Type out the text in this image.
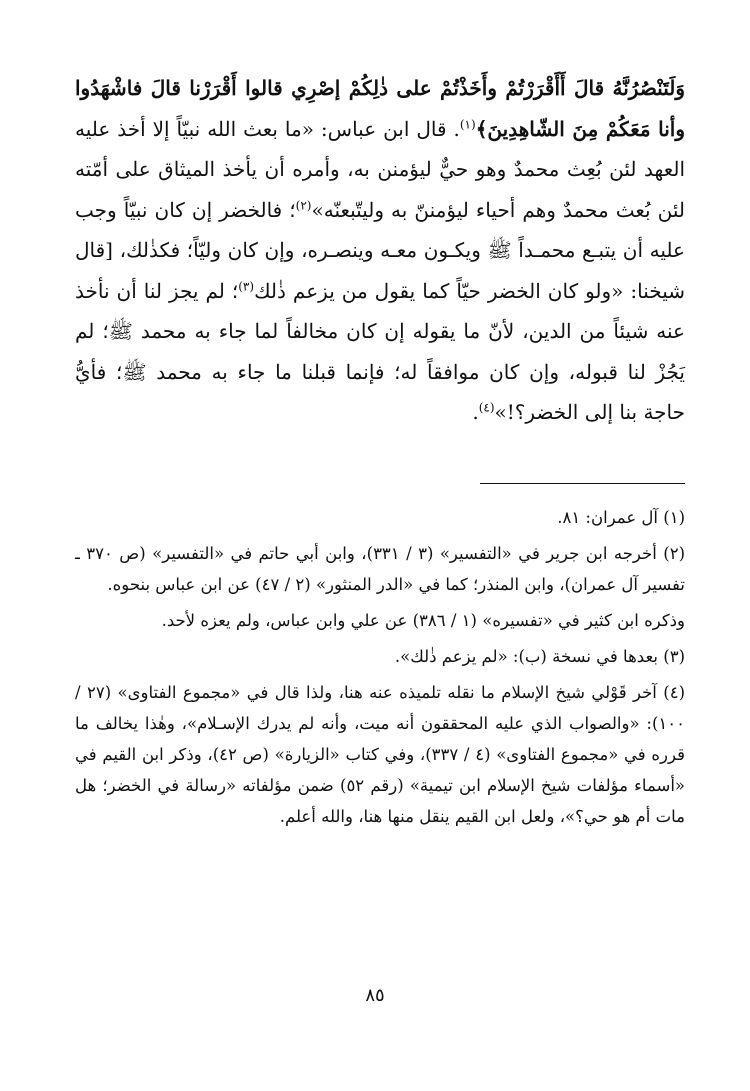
وَلَتَنْصُرُنَّهُ قالَ أَأَقْرَرْتُمْ وأَخَذْتُمْ على ذٰلِكُمْ إصْرِي قالوا أَقْرَرْنا قالَ فاشْهَدُوا وأنا مَعَكُمْ مِنَ الشّاهِدِينَ﴾$^{(١)}$. قال ابن عباس: «ما بعث الله نبيّاً إلا أخذ عليه العهد لئن بُعِث محمدٌ وهو حيٌّ ليؤمنن به، وأمره أن يأخذ الميثاق على أمّته لئن بُعث محمدٌ وهم أحياء ليؤمننّ به وليتّبعنّه»$^{(٢)}$؛ فالخضر إن كان نبيّاً وجب عليه أن يتبـع محمـداً ﷺ ويكـون معـه وينصـره، وإن كان وليّاً؛ فكذٰلك، [قال شيخنا: «ولو كان الخضر حيّاً كما يقول من يزعم ذٰلك$^{(٣)}$؛ لم يجز لنا أن نأخذ عنه شيئاً من الدين، لأنّ ما يقوله إن كان مخالفاً لما جاء به محمد ﷺ؛ لم يَجُزْ لنا قبوله، وإن كان موافقاً له؛ فإنما قبلنا ما جاء به محمد ﷺ؛ فأيُّ حاجة بنا إلى الخضر؟!»$^{(٤)}$.

(١) آل عمران: ٨١.

(٢) أخرجه ابن جرير في «التفسير» (٣ / ٣٣١)، وابن أبي حاتم في «التفسير» (ص ٣٧٠ ـ تفسير آل عمران)، وابن المنذر؛ كما في «الدر المنثور» (٢ / ٤٧) عن ابن عباس بنحوه.

وذكره ابن كثير في «تفسيره» (١ / ٣٨٦) عن علي وابن عباس، ولم يعزه لأحد.

(٣) بعدها في نسخة (ب): «لم يزعم ذٰلك».

(٤) آخر قَوْلي شيخ الإسلام ما نقله تلميذه عنه هنا، ولذا قال في «مجموع الفتاوى» (٢٧ / ١٠٠): «والصواب الذي عليه المحققون أنه ميت، وأنه لم يدرك الإسـلام»، وهٰذا يخالف ما قرره في «مجموع الفتاوى» (٤ / ٣٣٧)، وفي كتاب «الزيارة» (ص ٤٢)، وذكر ابن القيم في «أسماء مؤلفات شيخ الإسلام ابن تيمية» (رقم ٥٢) ضمن مؤلفاته «رسالة في الخضر؛ هل مات أم هو حي؟»، ولعل ابن القيم ينقل منها هنا، والله أعلم.

٨٥
